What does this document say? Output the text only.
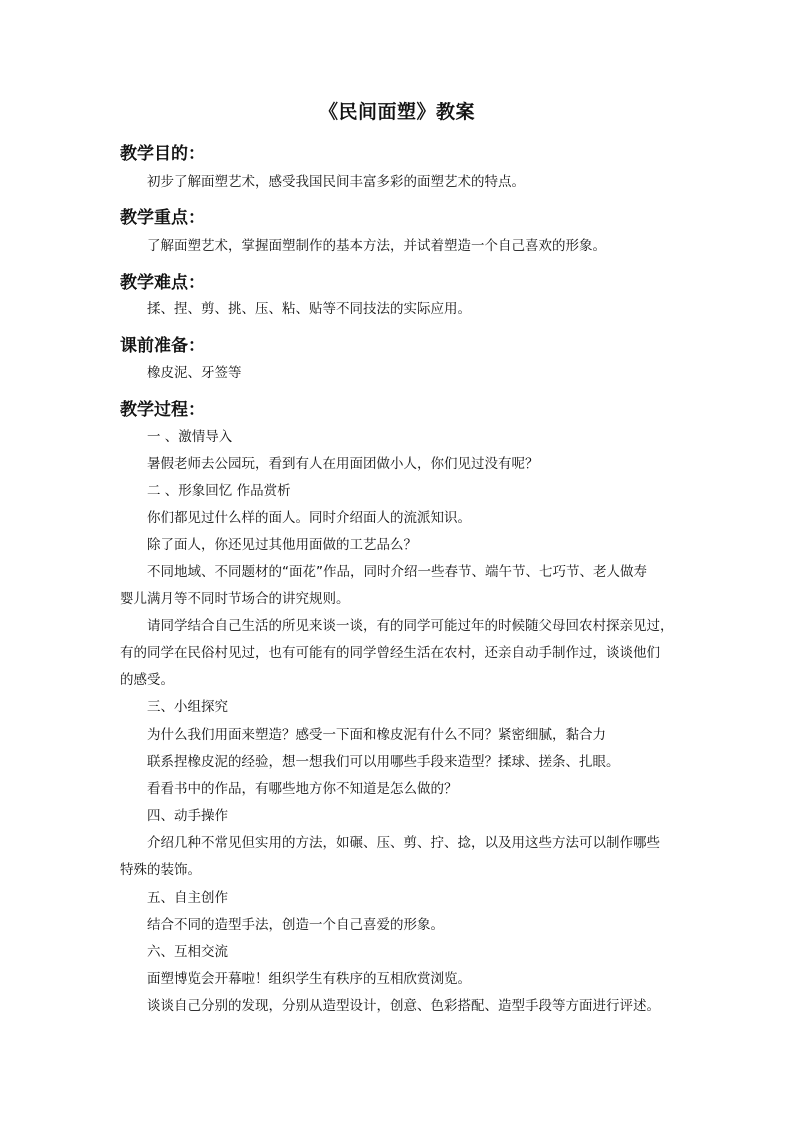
《民间面塑》教案
教学目的：
初步了解面塑艺术，感受我国民间丰富多彩的面塑艺术的特点。
教学重点：
了解面塑艺术，掌握面塑制作的基本方法，并试着塑造一个自己喜欢的形象。
教学难点：
揉、捏、剪、挑、压、粘、贴等不同技法的实际应用。
课前准备：
橡皮泥、牙签等
教学过程：
一 、激情导入
暑假老师去公园玩，看到有人在用面团做小人，你们见过没有呢？
二 、形象回忆 作品赏析
你们都见过什么样的面人。同时介绍面人的流派知识。
除了面人，你还见过其他用面做的工艺品么？
不同地域、不同题材的“面花”作品，同时介绍一些春节、端午节、七巧节、老人做寿
婴儿满月等不同时节场合的讲究规则。
请同学结合自己生活的所见来谈一谈，有的同学可能过年的时候随父母回农村探亲见过，
有的同学在民俗村见过，也有可能有的同学曾经生活在农村，还亲自动手制作过，谈谈他们
的感受。
三、小组探究
为什么我们用面来塑造？感受一下面和橡皮泥有什么不同？紧密细腻，黏合力
联系捏橡皮泥的经验，想一想我们可以用哪些手段来造型？揉球、搓条、扎眼。
看看书中的作品，有哪些地方你不知道是怎么做的？
四、动手操作
介绍几种不常见但实用的方法，如碾、压、剪、拧、捻，以及用这些方法可以制作哪些
特殊的装饰。
五、自主创作
结合不同的造型手法，创造一个自己喜爱的形象。
六、互相交流
面塑博览会开幕啦！组织学生有秩序的互相欣赏浏览。
谈谈自己分别的发现，分别从造型设计，创意、色彩搭配、造型手段等方面进行评述。
